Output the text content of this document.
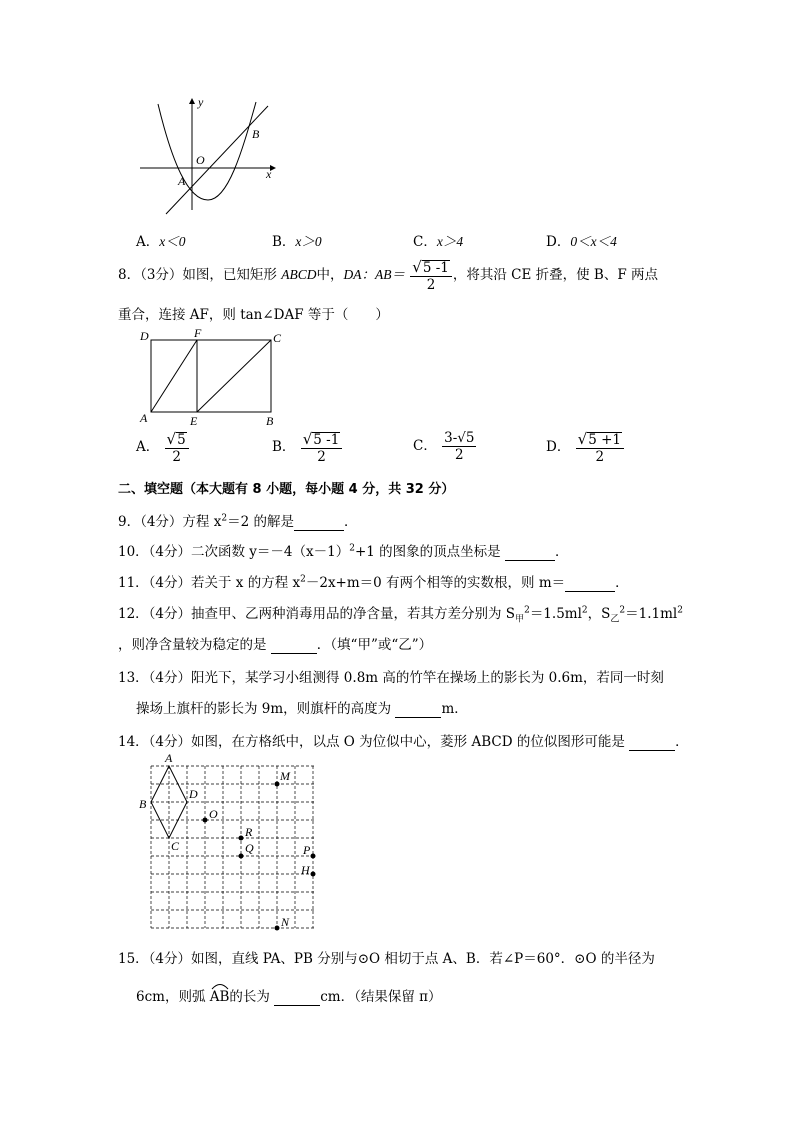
y
x
O
A
B
A．x＜0	B．x＞0	C．x＞4	D．0＜x＜4
8．（3分）如图，已知矩形 ABCD中，DA：$AB= \frac{√ 5 -1}{2}$ ，将其沿 CE 折叠，使 B、F 两点
重合，连接 AF，则 tan∠DAF 等于（　　）
D	F	C
A	E	B
A． $\frac{√ 5}{2}$	B． $\frac{√ 5 -1}{2}$	C． $\frac{3-√5}{2}$	D． $\frac{√ 5 +1}{2}$
二、填空题（本大题有 8 小题，每小题 4 分，共 32 分）
9．（4分）方程 $x^2=2$ 的解是	．
10．（4分）二次函数 $y=-4(x-1)^2+1$ 的图象的顶点坐标是	．
11．（4分）若关于 x 的方程 $x^2-2x+m=0$ 有两个相等的实数根，则 m＝	．
12．（4分）抽查甲、乙两种消毒用品的净含量，若其方差分别为 $S_甲^2=1.5ml^2$，$S_乙^2=1.1ml^2$
，则净含量较为稳定的是	．（填“甲”或“乙”）
13．（4分）阳光下，某学习小组测得 0.8m 高的竹竿在操场上的影长为 0.6m，若同一时刻
操场上旗杆的影长为 9m，则旗杆的高度为	m．
14．（4分）如图，在方格纸中，以点 O 为位似中心，菱形 ABCD 的位似图形可能是	．
A
B
C
D
O
M
R
Q	P
H
N
15．（4分）如图，直线 PA、PB 分别与⊙O 相切于点 A、B．若∠P＝60°．⊙O 的半径为
6cm，则弧
AB的长为	cm．（结果保留 π）
